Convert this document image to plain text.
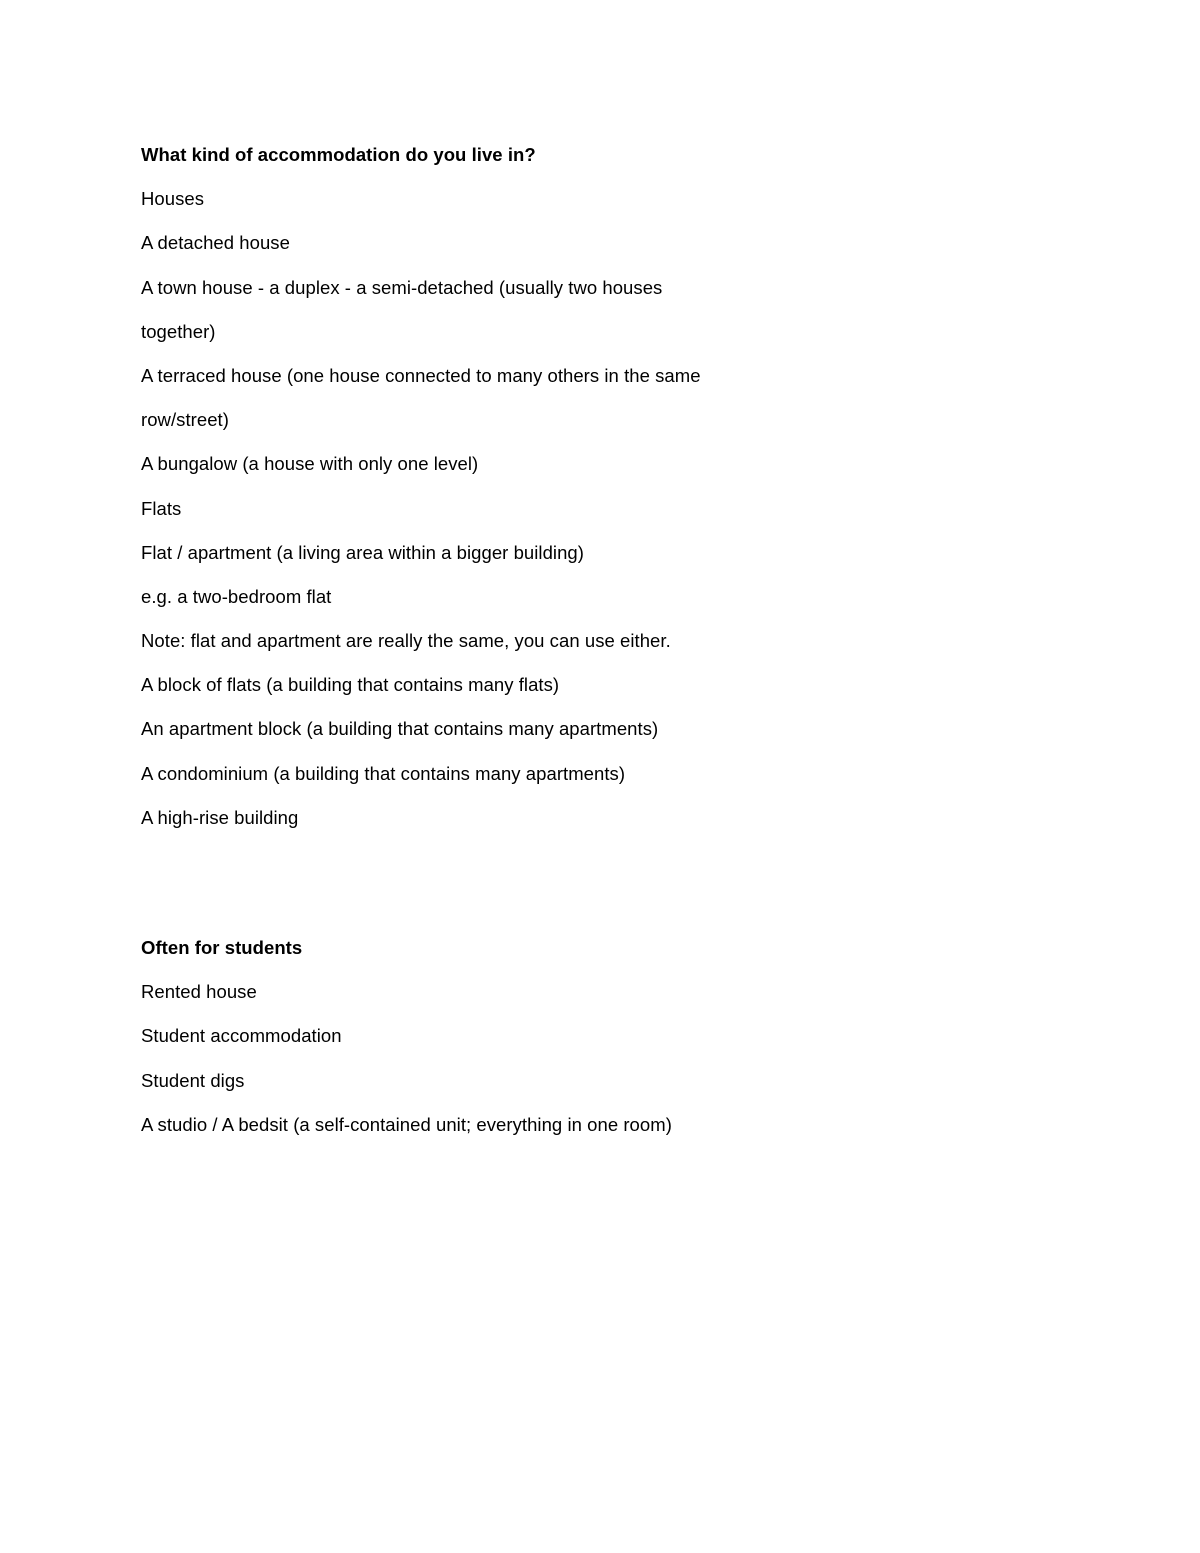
What kind of accommodation do you live in?
Houses
A detached house
A town house - a duplex - a semi-detached (usually two houses
together)
A terraced house (one house connected to many others in the same
row/street)
A bungalow (a house with only one level)
Flats
Flat / apartment (a living area within a bigger building)
e.g. a two-bedroom flat
Note: flat and apartment are really the same, you can use either.
A block of flats (a building that contains many flats)
An apartment block (a building that contains many apartments)
A condominium (a building that contains many apartments)
A high-rise building
Often for students
Rented house
Student accommodation
Student digs
A studio / A bedsit (a self-contained unit; everything in one room)
